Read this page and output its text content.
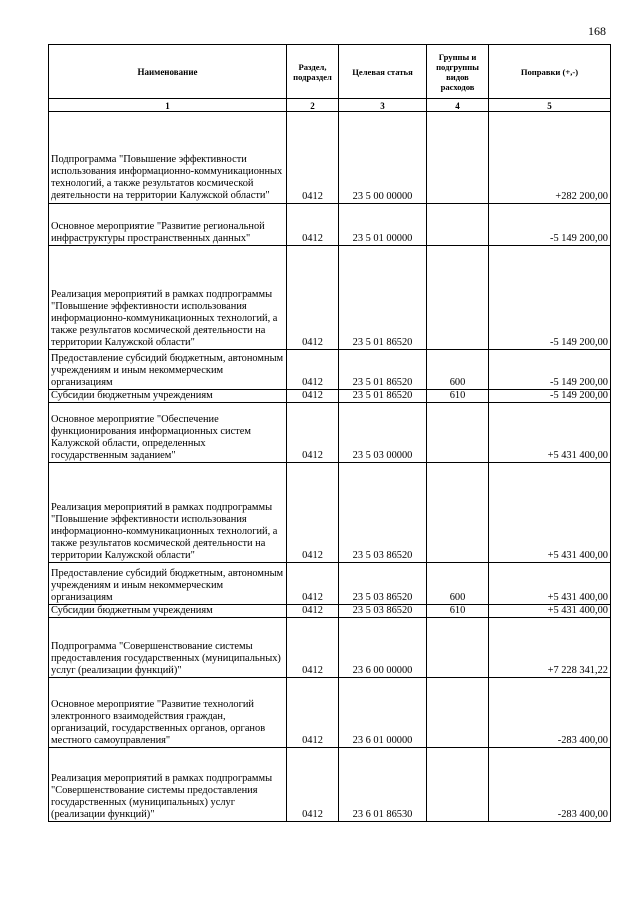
168
Наименование	Раздел, подраздел	Целевая статья	Группы и подгруппы видов расходов	Поправки (+,-)
1	2	3	4	5
Подпрограмма "Повышение эффективности использования информационно-коммуникационных технологий, а также результатов космической деятельности на территории Калужской области"	0412	23 5 00 00000		+282 200,00
Основное мероприятие "Развитие региональной инфраструктуры пространственных данных"	0412	23 5 01 00000		-5 149 200,00
Реализация мероприятий в рамках подпрограммы "Повышение эффективности использования информационно-коммуникационных технологий, а также результатов космической деятельности на территории Калужской области"	0412	23 5 01 86520		-5 149 200,00
Предоставление субсидий бюджетным, автономным учреждениям и иным некоммерческим организациям	0412	23 5 01 86520	600	-5 149 200,00
Субсидии бюджетным учреждениям	0412	23 5 01 86520	610	-5 149 200,00
Основное мероприятие "Обеспечение функционирования информационных систем Калужской области, определенных государственным заданием"	0412	23 5 03 00000		+5 431 400,00
Реализация мероприятий в рамках подпрограммы "Повышение эффективности использования информационно-коммуникационных технологий, а также результатов космической деятельности на территории Калужской области"	0412	23 5 03 86520		+5 431 400,00
Предоставление субсидий бюджетным, автономным учреждениям и иным некоммерческим организациям	0412	23 5 03 86520	600	+5 431 400,00
Субсидии бюджетным учреждениям	0412	23 5 03 86520	610	+5 431 400,00
Подпрограмма "Совершенствование системы предоставления государственных (муниципальных) услуг (реализации функций)"	0412	23 6 00 00000		+7 228 341,22
Основное мероприятие "Развитие технологий электронного взаимодействия граждан, организаций, государственных органов, органов местного самоуправления"	0412	23 6 01 00000		-283 400,00
Реализация мероприятий в рамках подпрограммы "Совершенствование системы предоставления государственных (муниципальных) услуг (реализации функций)"	0412	23 6 01 86530		-283 400,00
